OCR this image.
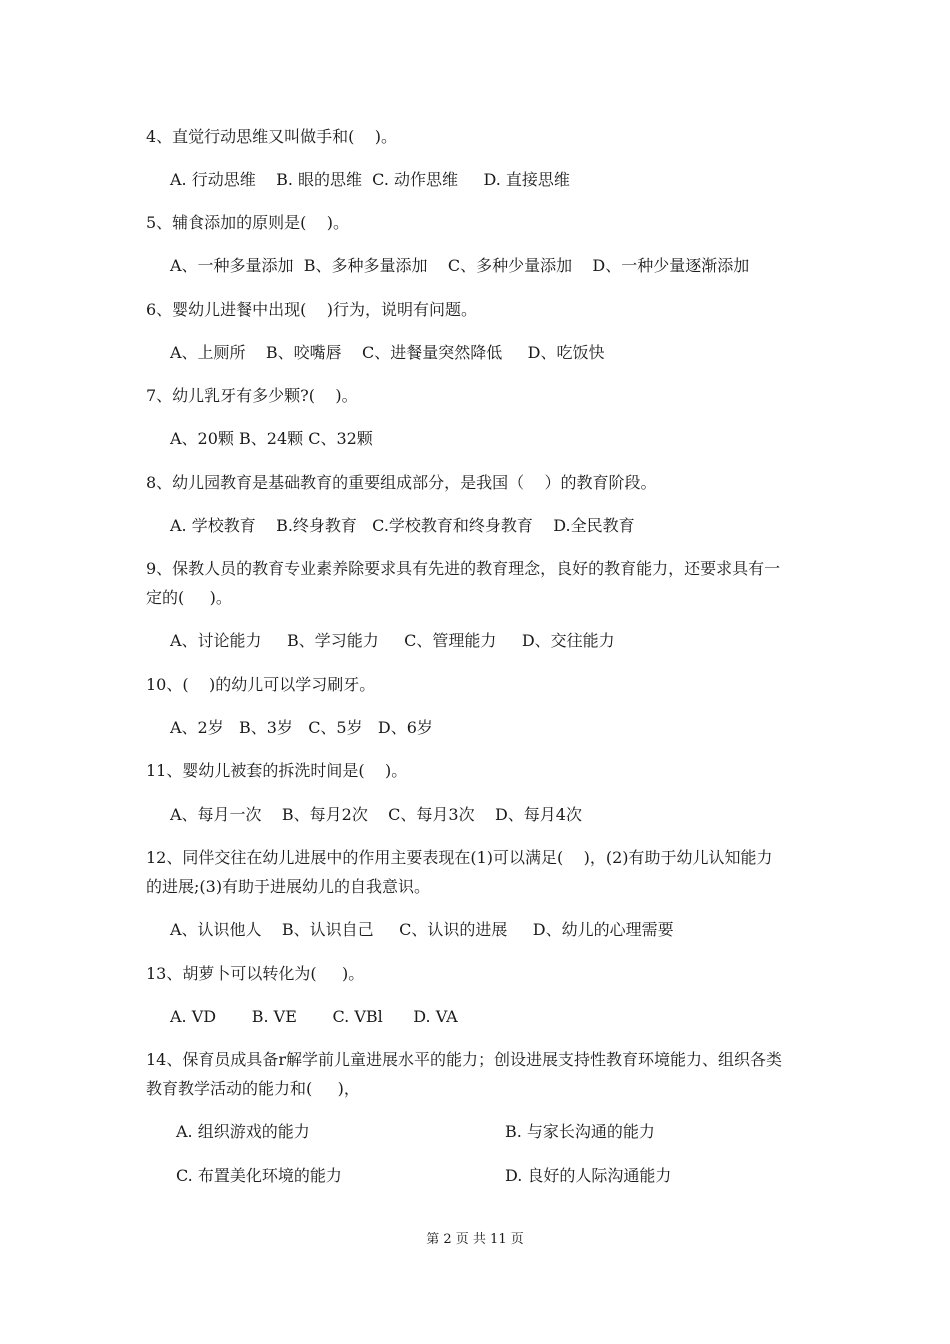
4、直觉行动思维又叫做手和(    )。
A. 行动思维    B. 眼的思维  C. 动作思维     D. 直接思维
5、辅食添加的原则是(    )。
A、一种多量添加  B、多种多量添加    C、多种少量添加    D、一种少量逐渐添加
6、婴幼儿进餐中出现(    )行为，说明有问题。
A、上厕所    B、咬嘴唇    C、进餐量突然降低     D、吃饭快
7、幼儿乳牙有多少颗?(    )。
A、20颗 B、24颗 C、32颗
8、幼儿园教育是基础教育的重要组成部分，是我国（    ）的教育阶段。
A. 学校教育    B.终身教育   C.学校教育和终身教育    D.全民教育
9、保教人员的教育专业素养除要求具有先进的教育理念，良好的教育能力，还要求具有一
定的(     )。
A、讨论能力     B、学习能力     C、管理能力     D、交往能力
10、(    )的幼儿可以学习刷牙。
A、2岁   B、3岁   C、5岁   D、6岁
11、婴幼儿被套的拆洗时间是(    )。
A、每月一次    B、每月2次    C、每月3次    D、每月4次
12、同伴交往在幼儿进展中的作用主要表现在(1)可以满足(    )，(2)有助于幼儿认知能力
的进展;(3)有助于进展幼儿的自我意识。
A、认识他人    B、认识自己     C、认识的进展     D、幼儿的心理需要
13、胡萝卜可以转化为(     )。
A. VD       B. VE       C. VBl      D. VA
14、保育员成具备r解学前儿童进展水平的能力；创设进展支持性教育环境能力、组织各类
教育教学活动的能力和(     )，
A. 组织游戏的能力	B. 与家长沟通的能力
C. 布置美化环境的能力	D. 良好的人际沟通能力
第 2 页 共 11 页
